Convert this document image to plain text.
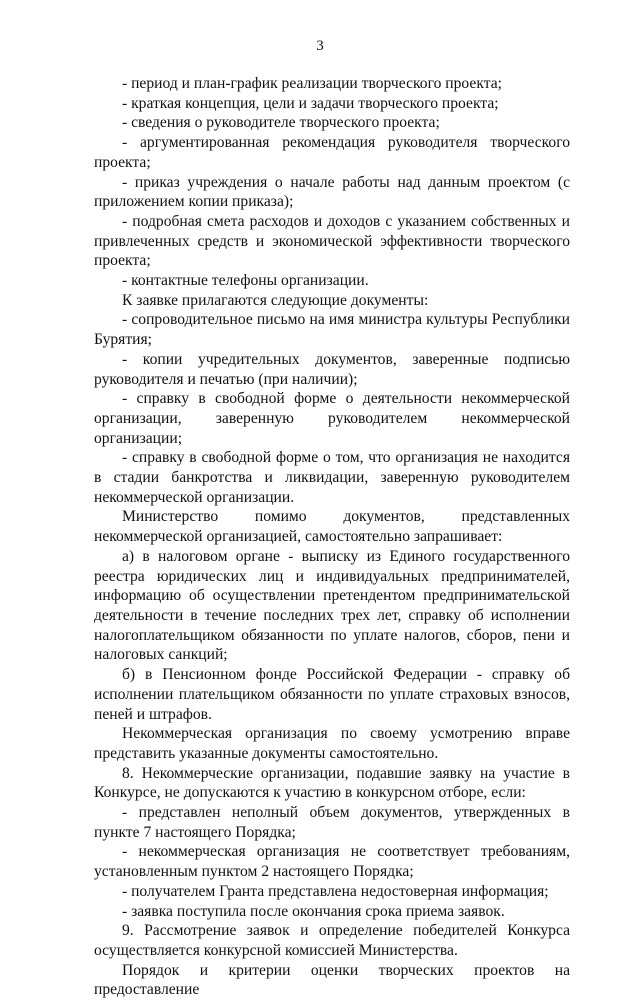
3

- период и план-график реализации творческого проекта;

- краткая концепция, цели и задачи творческого проекта;

- сведения о руководителе творческого проекта;

- аргументированная рекомендация руководителя творческого проекта;

- приказ учреждения о начале работы над данным проектом (с приложением копии приказа);

- подробная смета расходов и доходов с указанием собственных и привлеченных средств и экономической эффективности творческого проекта;

- контактные телефоны организации.

К заявке прилагаются следующие документы:

- сопроводительное письмо на имя министра культуры Республики Бурятия;

- копии учредительных документов, заверенные подписью руководителя и печатью (при наличии);

- справку в свободной форме о деятельности некоммерческой организации, заверенную руководителем некоммерческой организации;

- справку в свободной форме о том, что организация не находится в стадии банкротства и ликвидации, заверенную руководителем некоммерческой организации.

Министерство помимо документов, представленных некоммерческой организацией, самостоятельно запрашивает:

а) в налоговом органе - выписку из Единого государственного реестра юридических лиц и индивидуальных предпринимателей, информацию об осуществлении претендентом предпринимательской деятельности в течение последних трех лет, справку об исполнении налогоплательщиком обязанности по уплате налогов, сборов, пени и налоговых санкций;

б) в Пенсионном фонде Российской Федерации - справку об исполнении плательщиком обязанности по уплате страховых взносов, пеней и штрафов.

Некоммерческая организация по своему усмотрению вправе представить указанные документы самостоятельно.

8. Некоммерческие организации, подавшие заявку на участие в Конкурсе, не допускаются к участию в конкурсном отборе, если:

- представлен неполный объем документов, утвержденных в пункте 7 настоящего Порядка;

- некоммерческая организация не соответствует требованиям, установленным пунктом 2 настоящего Порядка;

- получателем Гранта представлена недостоверная информация;

- заявка поступила после окончания срока приема заявок.

9. Рассмотрение заявок и определение победителей Конкурса осуществляется конкурсной комиссией Министерства.

Порядок и критерии оценки творческих проектов на предоставление
